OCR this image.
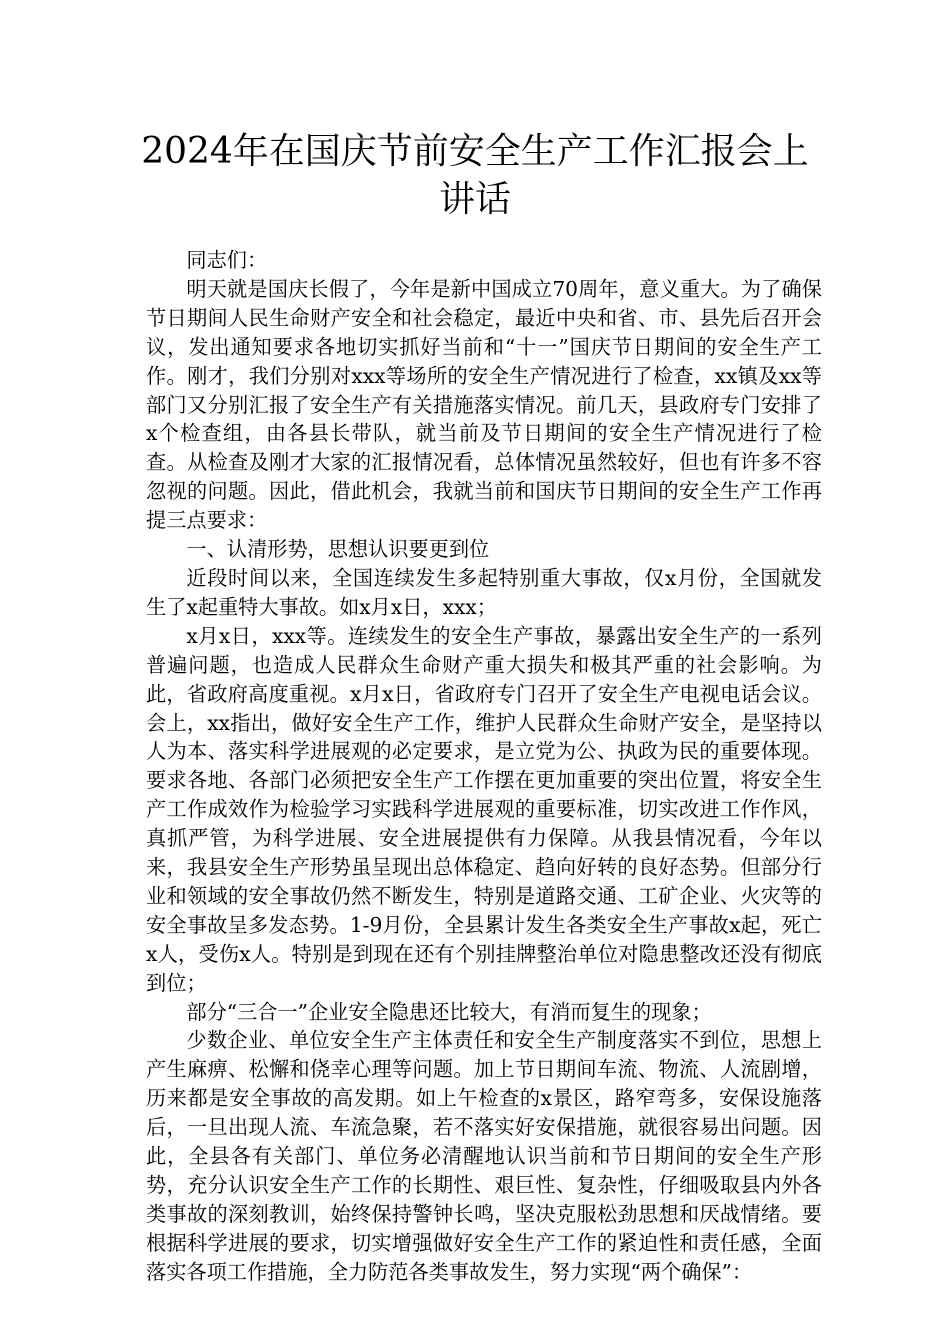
2024年在国庆节前安全生产工作汇报会上
讲话

同志们：

明天就是国庆长假了，今年是新中国成立70周年，意义重大。为了确保节日期间人民生命财产安全和社会稳定，最近中央和省、市、县先后召开会议，发出通知要求各地切实抓好当前和“十一”国庆节日期间的安全生产工作。刚才，我们分别对xxx等场所的安全生产情况进行了检查，xx镇及xx等部门又分别汇报了安全生产有关措施落实情况。前几天，县政府专门安排了x个检查组，由各县长带队，就当前及节日期间的安全生产情况进行了检查。从检查及刚才大家的汇报情况看，总体情况虽然较好，但也有许多不容忽视的问题。因此，借此机会，我就当前和国庆节日期间的安全生产工作再提三点要求：

一、认清形势，思想认识要更到位

近段时间以来，全国连续发生多起特别重大事故，仅x月份，全国就发生了x起重特大事故。如x月x日，xxx；

x月x日，xxx等。连续发生的安全生产事故，暴露出安全生产的一系列普遍问题，也造成人民群众生命财产重大损失和极其严重的社会影响。为此，省政府高度重视。x月x日，省政府专门召开了安全生产电视电话会议。会上，xx指出，做好安全生产工作，维护人民群众生命财产安全，是坚持以人为本、落实科学进展观的必定要求，是立党为公、执政为民的重要体现。要求各地、各部门必须把安全生产工作摆在更加重要的突出位置，将安全生产工作成效作为检验学习实践科学进展观的重要标准，切实改进工作作风，真抓严管，为科学进展、安全进展提供有力保障。从我县情况看，今年以来，我县安全生产形势虽呈现出总体稳定、趋向好转的良好态势。但部分行业和领域的安全事故仍然不断发生，特别是道路交通、工矿企业、火灾等的安全事故呈多发态势。1-9月份，全县累计发生各类安全生产事故x起，死亡x人，受伤x人。特别是到现在还有个别挂牌整治单位对隐患整改还没有彻底到位；

部分“三合一”企业安全隐患还比较大，有消而复生的现象；

少数企业、单位安全生产主体责任和安全生产制度落实不到位，思想上产生麻痹、松懈和侥幸心理等问题。加上节日期间车流、物流、人流剧增，历来都是安全事故的高发期。如上午检查的x景区，路窄弯多，安保设施落后，一旦出现人流、车流急聚，若不落实好安保措施，就很容易出问题。因此，全县各有关部门、单位务必清醒地认识当前和节日期间的安全生产形势，充分认识安全生产工作的长期性、艰巨性、复杂性，仔细吸取县内外各类事故的深刻教训，始终保持警钟长鸣，坚决克服松劲思想和厌战情绪。要根据科学进展的要求，切实增强做好安全生产工作的紧迫性和责任感，全面落实各项工作措施，全力防范各类事故发生，努力实现“两个确保”：
